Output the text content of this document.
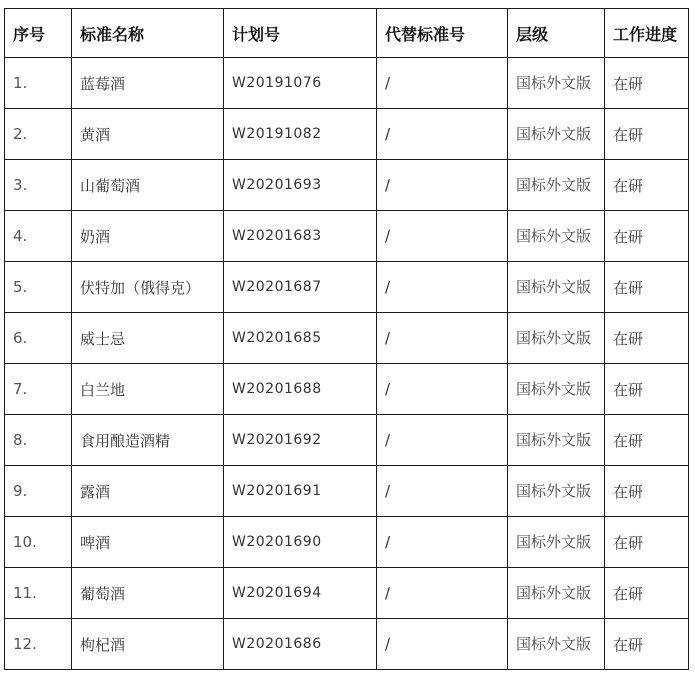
序号	标准名称	计划号	代替标准号	层级	工作进度
1.	蓝莓酒	W20191076	/	国标外文版	在研
2.	黄酒	W20191082	/	国标外文版	在研
3.	山葡萄酒	W20201693	/	国标外文版	在研
4.	奶酒	W20201683	/	国标外文版	在研
5.	伏特加（俄得克）	W20201687	/	国标外文版	在研
6.	威士忌	W20201685	/	国标外文版	在研
7.	白兰地	W20201688	/	国标外文版	在研
8.	食用酿造酒精	W20201692	/	国标外文版	在研
9.	露酒	W20201691	/	国标外文版	在研
10.	啤酒	W20201690	/	国标外文版	在研
11.	葡萄酒	W20201694	/	国标外文版	在研
12.	枸杞酒	W20201686	/	国标外文版	在研
